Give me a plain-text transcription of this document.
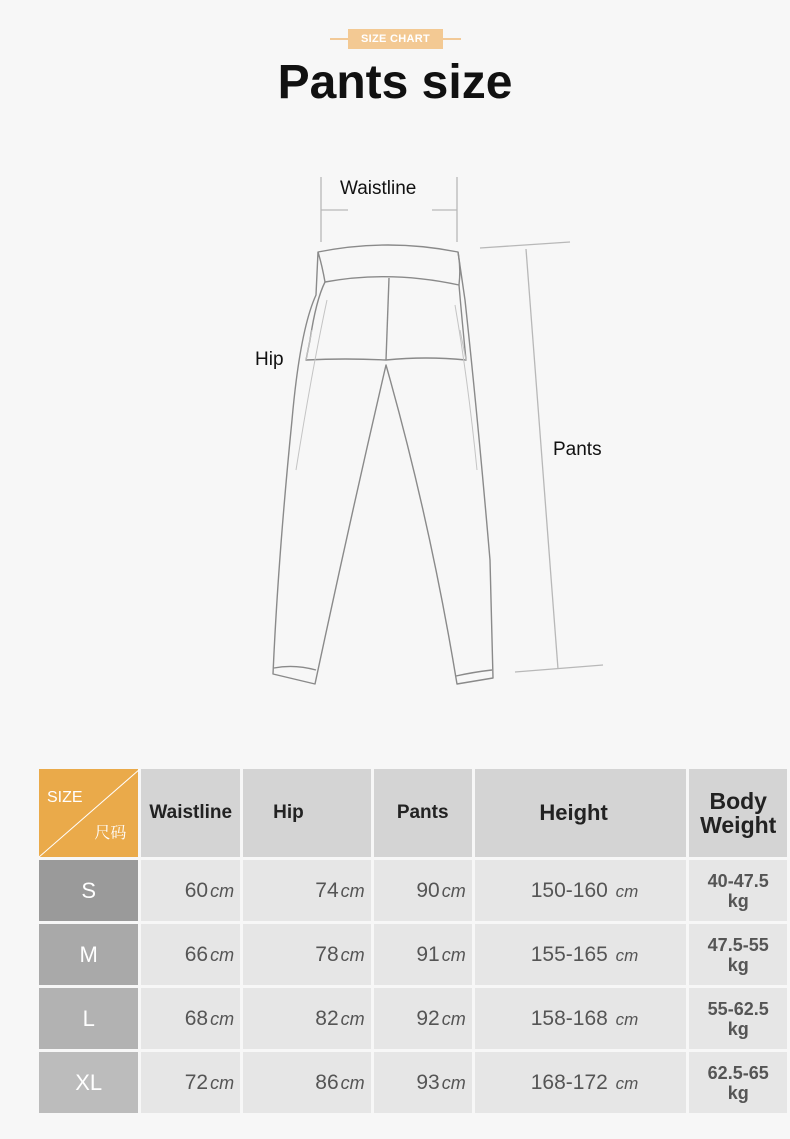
SIZE CHART
Pants size
Waistline
Hip
Pants
SIZE
尺码	Waistline	Hip	Pants	Height	Body Weight
S	60 cm	74 cm	90 cm	150-160 cm	40-47.5
kg

M	66 cm	78 cm	91 cm	155-165 cm	47.5-55
kg

L	68 cm	82 cm	92 cm	158-168 cm	55-62.5
kg

XL	72 cm	86 cm	93 cm	168-172 cm	62.5-65
kg
